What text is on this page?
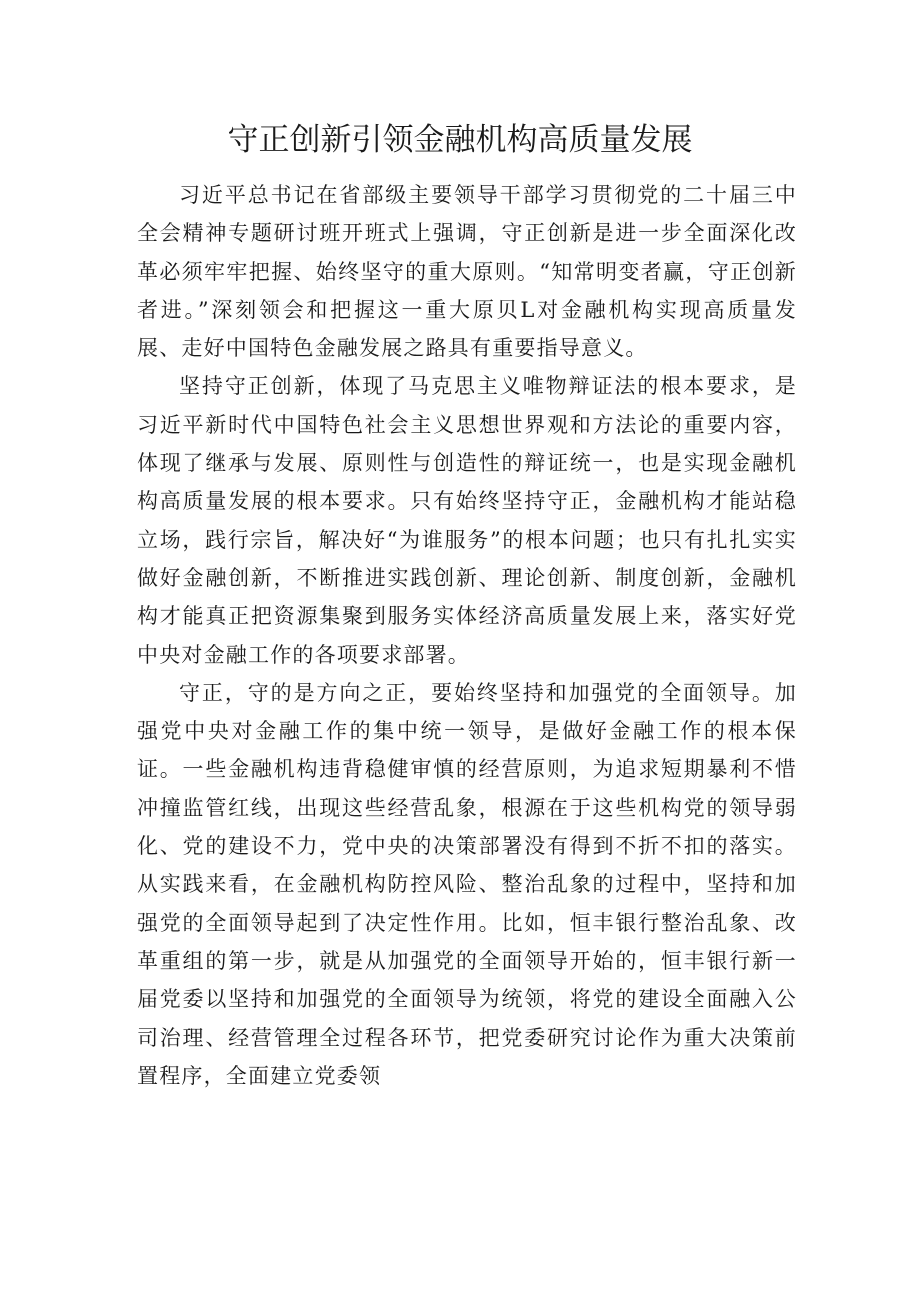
守正创新引领金融机构高质量发展

习近平总书记在省部级主要领导干部学习贯彻党的二十届三中全会精神专题研讨班开班式上强调，守正创新是进一步全面深化改革必须牢牢把握、始终坚守的重大原则。“知常明变者赢，守正创新者进。”深刻领会和把握这一重大原贝L对金融机构实现高质量发展、走好中国特色金融发展之路具有重要指导意义。

坚持守正创新，体现了马克思主义唯物辩证法的根本要求，是习近平新时代中国特色社会主义思想世界观和方法论的重要内容，体现了继承与发展、原则性与创造性的辩证统一，也是实现金融机构高质量发展的根本要求。只有始终坚持守正，金融机构才能站稳立场，践行宗旨，解决好“为谁服务”的根本问题；也只有扎扎实实做好金融创新，不断推进实践创新、理论创新、制度创新，金融机构才能真正把资源集聚到服务实体经济高质量发展上来，落实好党中央对金融工作的各项要求部署。

守正，守的是方向之正，要始终坚持和加强党的全面领导。加强党中央对金融工作的集中统一领导，是做好金融工作的根本保证。一些金融机构违背稳健审慎的经营原则，为追求短期暴利不惜冲撞监管红线，出现这些经营乱象，根源在于这些机构党的领导弱化、党的建设不力，党中央的决策部署没有得到不折不扣的落实。从实践来看，在金融机构防控风险、整治乱象的过程中，坚持和加强党的全面领导起到了决定性作用。比如，恒丰银行整治乱象、改革重组的第一步，就是从加强党的全面领导开始的，恒丰银行新一届党委以坚持和加强党的全面领导为统领，将党的建设全面融入公司治理、经营管理全过程各环节，把党委研究讨论作为重大决策前置程序，全面建立党委领
